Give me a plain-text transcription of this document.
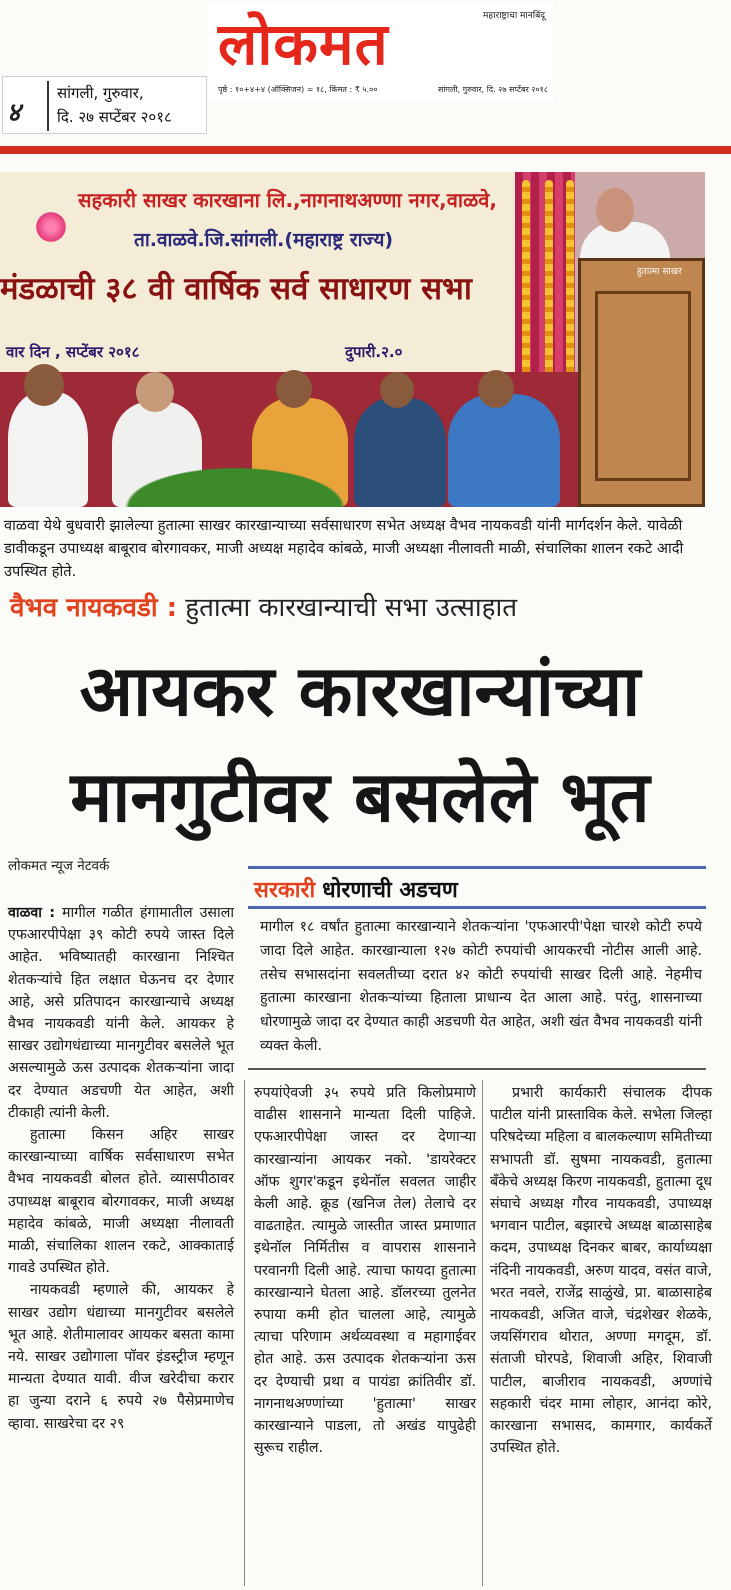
४
सांगली, गुरुवार,
दि. २७ सप्टेंबर २०१८
लोकमत	महाराष्ट्राचा मानबिंदू
पृष्ठे : १०+४+४ (ऑक्सिजन) = १८, किंमत : ₹ ५.००	सांगली, गुरुवार, दि. २७ सप्टेंबर २०१८
सहकारी साखर कारखाना लि.,नागनाथअण्णा नगर,वाळवे,
ता.वाळवे.जि.सांगली.(महाराष्ट्र राज्य)
मंडळाची ३८ वी वार्षिक सर्व साधारण सभा
वार दिन , सप्टेंबर २०१८	दुपारी.२.०
हुतात्मा साखर

वाळवा येथे बुधवारी झालेल्या हुतात्मा साखर कारखान्याच्या सर्वसाधारण सभेत अध्यक्ष वैभव नायकवडी यांनी मार्गदर्शन केले. यावेळी डावीकडून उपाध्यक्ष बाबूराव बोरगावकर, माजी अध्यक्ष महादेव कांबळे, माजी अध्यक्षा नीलावती माळी, संचालिका शालन रकटे आदी उपस्थित होते.

वैभव नायकवडी : हुतात्मा कारखान्याची सभा उत्साहात
आयकर कारखान्यांच्या
मानगुटीवर बसलेले भूत
लोकमत न्यूज नेटवर्क
सरकारी धोरणाची अडचण

मागील १८ वर्षांत हुतात्मा कारखान्याने शेतकऱ्यांना 'एफआरपी'पेक्षा चारशे कोटी रुपये जादा दिले आहेत. कारखान्याला १२७ कोटी रुपयांची आयकरची नोटीस आली आहे. तसेच सभासदांना सवलतीच्या दरात ४२ कोटी रुपयांची साखर दिली आहे. नेहमीच हुतात्मा कारखाना शेतकऱ्यांच्या हिताला प्राधान्य देत आला आहे. परंतु, शासनाच्या धोरणामुळे जादा दर देण्यात काही अडचणी येत आहेत, अशी खंत वैभव नायकवडी यांनी व्यक्त केली.

वाळवा : मागील गळीत हंगामातील उसाला एफआरपीपेक्षा ३९ कोटी रुपये जास्त दिले आहेत. भविष्यातही कारखाना निश्चित शेतकऱ्यांचे हित लक्षात घेऊनच दर देणार आहे, असे प्रतिपादन कारखान्याचे अध्यक्ष वैभव नायकवडी यांनी केले. आयकर हे साखर उद्योगधंद्याच्या मानगुटीवर बसलेले भूत असल्यामुळे ऊस उत्पादक शेतकऱ्यांना जादा दर देण्यात अडचणी येत आहेत, अशी टीकाही त्यांनी केली.

हुतात्मा किसन अहिर साखर कारखान्याच्या वार्षिक सर्वसाधारण सभेत वैभव नायकवडी बोलत होते. व्यासपीठावर उपाध्यक्ष बाबूराव बोरगावकर, माजी अध्यक्ष महादेव कांबळे, माजी अध्यक्षा नीलावती माळी, संचालिका शालन रकटे, आक्काताई गावडे उपस्थित होते.

नायकवडी म्हणाले की, आयकर हे साखर उद्योग धंद्याच्या मानगुटीवर बसलेले भूत आहे. शेतीमालावर आयकर बसता कामा नये. साखर उद्योगाला पॉवर इंडस्ट्रीज म्हणून मान्यता देण्यात यावी. वीज खरेदीचा करार हा जुन्या दराने ६ रुपये २७ पैसेप्रमाणेच व्हावा. साखरेचा दर २९

रुपयांऐवजी ३५ रुपये प्रति किलोप्रमाणे वाढीस शासनाने मान्यता दिली पाहिजे. एफआरपीपेक्षा जास्त दर देणाऱ्या कारखान्यांना आयकर नको. 'डायरेक्टर ऑफ शुगर'कडून इथेनॉल सवलत जाहीर केली आहे. क्रूड (खनिज तेल) तेलाचे दर वाढताहेत. त्यामुळे जास्तीत जास्त प्रमाणात इथेनॉल निर्मितीस व वापरास शासनाने परवानगी दिली आहे. त्याचा फायदा हुतात्मा कारखान्याने घेतला आहे. डॉलरच्या तुलनेत रुपाया कमी होत चालला आहे, त्यामुळे त्याचा परिणाम अर्थव्यवस्था व महागाईवर होत आहे. ऊस उत्पादक शेतकऱ्यांना ऊस दर देण्याची प्रथा व पायंडा क्रांतिवीर डॉ. नागनाथअण्णांच्या 'हुतात्मा' साखर कारखान्याने पाडला, तो अखंड यापुढेही सुरूच राहील.

प्रभारी कार्यकारी संचालक दीपक पाटील यांनी प्रास्ताविक केले. सभेला जिल्हा परिषदेच्या महिला व बालकल्याण समितीच्या सभापती डॉ. सुषमा नायकवडी, हुतात्मा बँकेचे अध्यक्ष किरण नायकवडी, हुतात्मा दूध संघाचे अध्यक्ष गौरव नायकवडी, उपाध्यक्ष भगवान पाटील, बझारचे अध्यक्ष बाळासाहेब कदम, उपाध्यक्ष दिनकर बाबर, कार्याध्यक्षा नंदिनी नायकवडी, अरुण यादव, वसंत वाजे, भरत नवले, राजेंद्र साळुंखे, प्रा. बाळासाहेब नायकवडी, अजित वाजे, चंद्रशेखर शेळके, जयसिंगराव थोरात, अण्णा मगदूम, डॉ. संताजी घोरपडे, शिवाजी अहिर, शिवाजी पाटील, बाजीराव नायकवडी, अण्णांचे सहकारी चंदर मामा लोहार, आनंदा कोरे, कारखाना सभासद, कामगार, कार्यकर्ते उपस्थित होते.
